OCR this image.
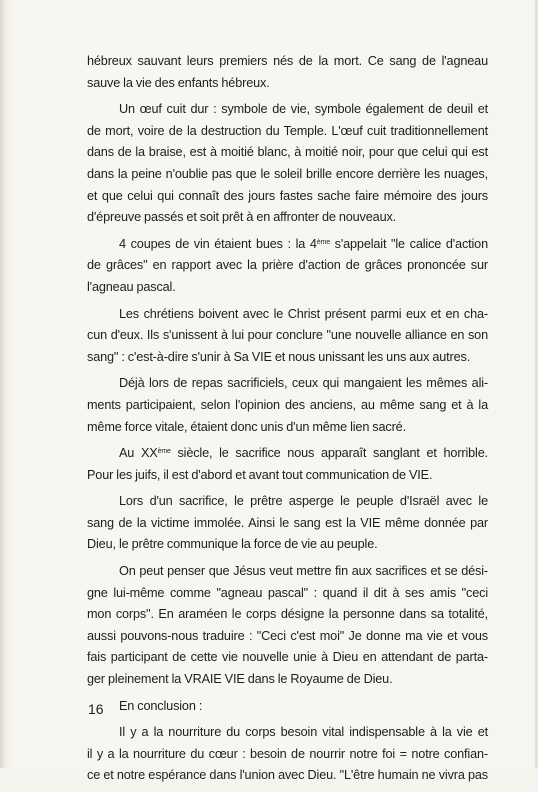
hébreux sauvant leurs premiers nés de la mort. Ce sang de l'agneau
sauve la vie des enfants hébreux.
Un œuf cuit dur : symbole de vie, symbole également de deuil et
de mort, voire de la destruction du Temple. L'œuf cuit traditionnellement
dans de la braise, est à moitié blanc, à moitié noir, pour que celui qui est
dans la peine n'oublie pas que le soleil brille encore derrière les nuages,
et que celui qui connaît des jours fastes sache faire mémoire des jours
d'épreuve passés et soit prêt à en affronter de nouveaux.
4 coupes de vin étaient bues : la 4ème s'appelait "le calice d'action
de grâces" en rapport avec la prière d'action de grâces prononcée sur
l'agneau pascal.
Les chrétiens boivent avec le Christ présent parmi eux et en cha-
cun d'eux. Ils s'unissent à lui pour conclure "une nouvelle alliance en son
sang" : c'est-à-dire s'unir à Sa VIE et nous unissant les uns aux autres.
Déjà lors de repas sacrificiels, ceux qui mangaient les mêmes ali-
ments participaient, selon l'opinion des anciens, au même sang et à la
même force vitale, étaient donc unis d'un même lien sacré.
Au XXème siècle, le sacrifice nous apparaît sanglant et horrible.
Pour les juifs, il est d'abord et avant tout communication de VIE.
Lors d'un sacrifice, le prêtre asperge le peuple d'Israël avec le
sang de la victime immolée. Ainsi le sang est la VIE même donnée par
Dieu, le prêtre communique la force de vie au peuple.
On peut penser que Jésus veut mettre fin aux sacrifices et se dési-
gne lui-même comme "agneau pascal" : quand il dit à ses amis "ceci
mon corps". En araméen le corps désigne la personne dans sa totalité,
aussi pouvons-nous traduire : "Ceci c'est moi" Je donne ma vie et vous
fais participant de cette vie nouvelle unie à Dieu en attendant de parta-
ger pleinement la VRAIE VIE dans le Royaume de Dieu.
En conclusion :
Il y a la nourriture du corps besoin vital indispensable à la vie et
il y a la nourriture du cœur : besoin de nourrir notre foi = notre confian-
ce et notre espérance dans l'union avec Dieu. "L'être humain ne vivra pas
16
